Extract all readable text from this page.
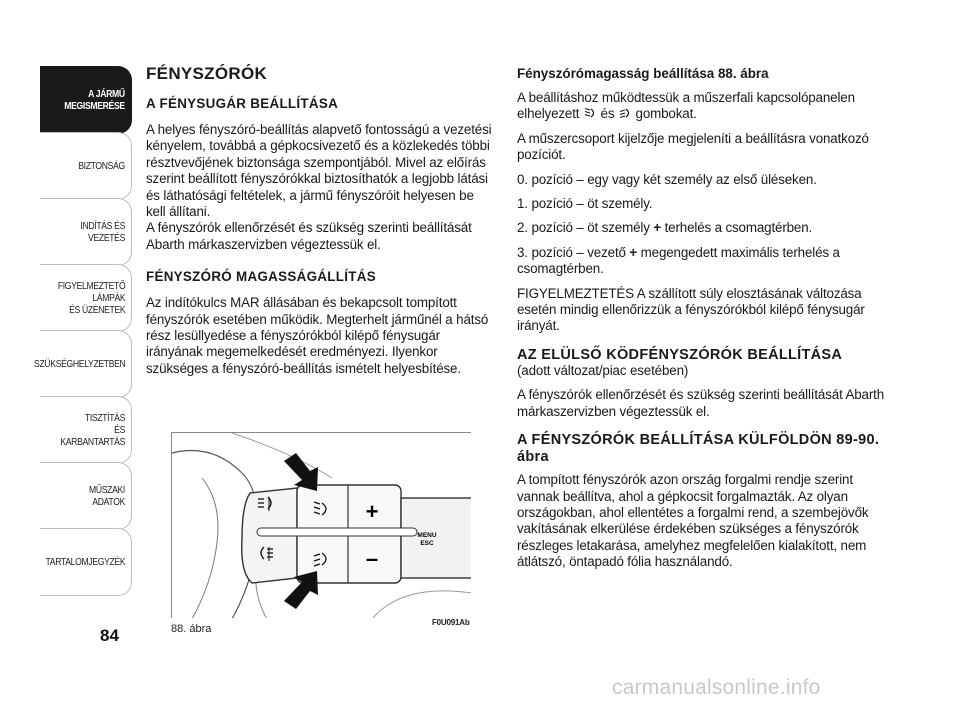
A JÁRMŰ
MEGISMERÉSE
BIZTONSÁG
INDÍTÁS ÉS VEZETÉS
FIGYELMEZTETŐ
LÁMPÁK
ÉS ÜZENETEK
SZÜKSÉGHELYZETBEN
TISZTÍTÁS
ÉS KARBANTARTÁS
MŰSZAKI ADATOK
TARTALOMJEGYZÉK
84
FÉNYSZÓRÓK
A FÉNYSUGÁR BEÁLLÍTÁSA

A helyes fényszóró-beállítás alapvető fontosságú a vezetési kényelem, továbbá a gépkocsivezető és a közlekedés többi résztvevőjének biztonsága szempontjából. Mivel az előírás szerint beállított fényszórókkal biztosíthatók a legjobb látási és láthatósági feltételek, a jármű fényszóróit helyesen be kell állítani.

A fényszórók ellenőrzését és szükség szerinti beállítását Abarth márkaszervizben végeztessük el.

FÉNYSZÓRÓ MAGASSÁGÁLLÍTÁS

Az indítókulcs MAR állásában és bekapcsolt tompított fényszórók esetében működik. Megterhelt járműnél a hátsó rész lesüllyedése a fényszórókból kilépő fénysugár irányának megemelkedését eredményezi. Ilyenkor szükséges a fényszóró-beállítás ismételt helyesbítése.

+
–
MENU
ESC
88. ábra
F0U091Ab
Fényszórómagasság beállítása 88. ábra

A beállításhoz működtessük a műszerfali kapcsolópanelen elhelyezett és gombokat.

A műszercsoport kijelzője megjeleníti a beállításra vonatkozó pozíciót.

0. pozíció – egy vagy két személy az első üléseken.

1. pozíció – öt személy.

2. pozíció – öt személy + terhelés a csomagtérben.

3. pozíció – vezető + megengedett maximális terhelés a csomagtérben.

FIGYELMEZTETÉS A szállított súly elosztásának változása esetén mindig ellenőrizzük a fényszórókból kilépő fénysugár irányát.

AZ ELÜLSŐ KÖDFÉNYSZÓRÓK BEÁLLÍTÁSA

(adott változat/piac esetében)

A fényszórók ellenőrzését és szükség szerinti beállítását Abarth márkaszervizben végeztessük el.

A FÉNYSZÓRÓK BEÁLLÍTÁSA KÜLFÖLDÖN 89-90. ábra

A tompított fényszórók azon ország forgalmi rendje szerint vannak beállítva, ahol a gépkocsit forgalmazták. Az olyan országokban, ahol ellentétes a forgalmi rend, a szembejövők vakításának elkerülése érdekében szükséges a fényszórók részleges letakarása, amelyhez megfelelően kialakított, nem átlátszó, öntapadó fólia használandó.

carmanualsonline.info
